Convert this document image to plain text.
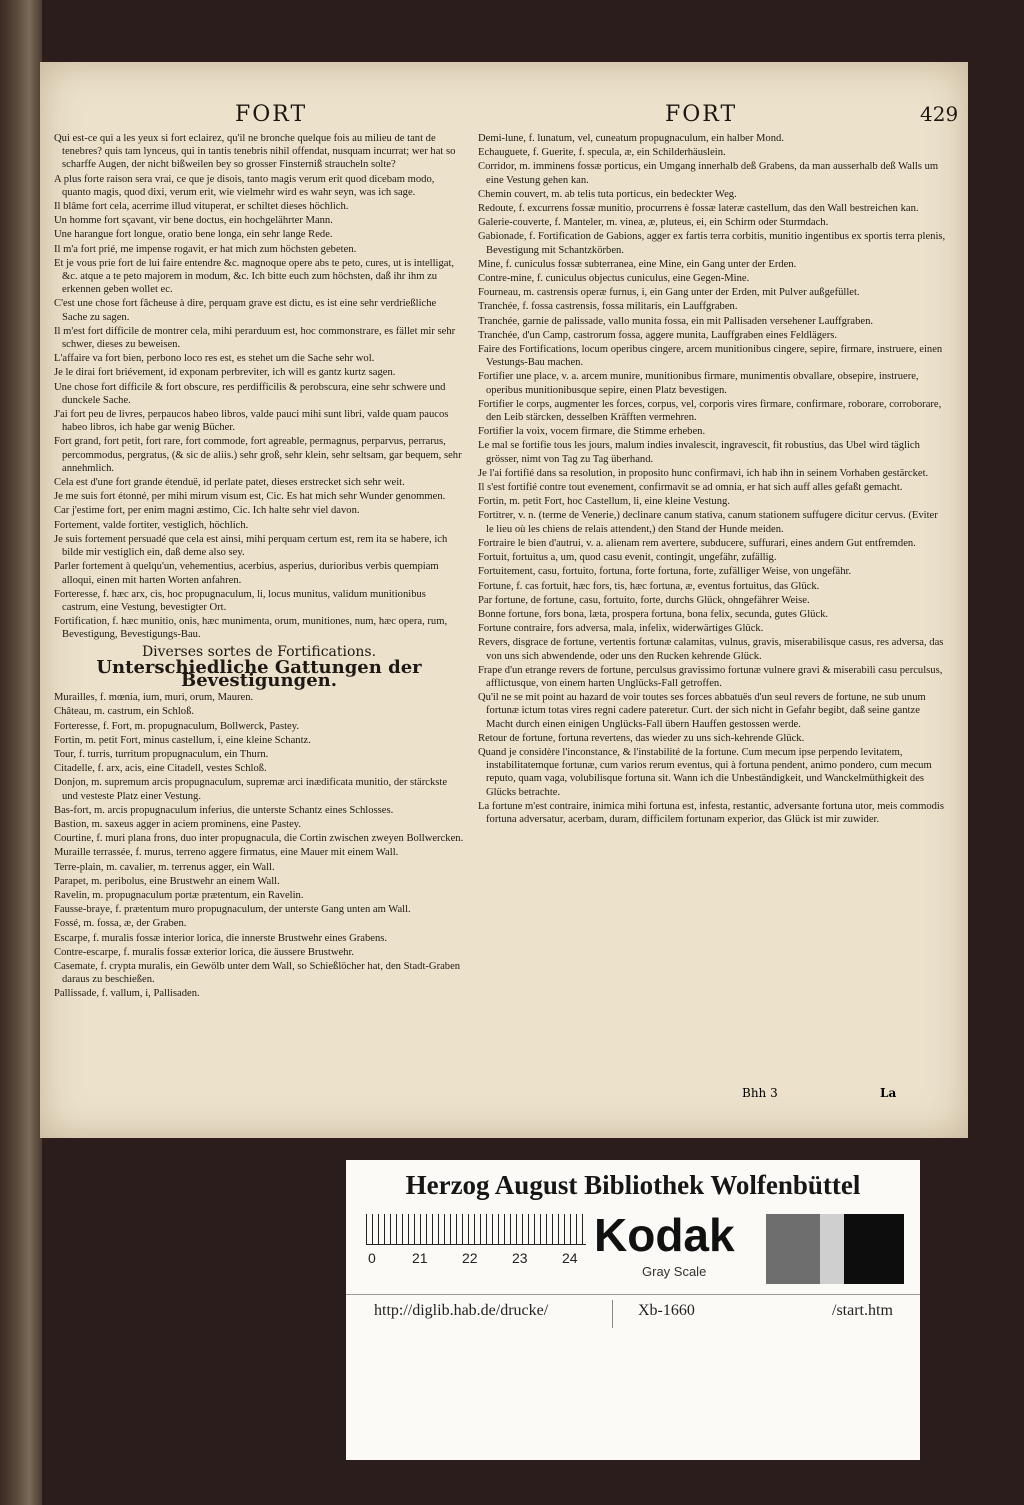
FORT	FORT	429
Qui est-ce qui a les yeux si fort eclairez, qu'il ne bronche quelque fois au milieu de tant de tenebres? quis tam lynceus, qui in tantis tenebris nihil offendat, nusquam incurrat; wer hat so scharffe Augen, der nicht bißweilen bey so grosser Finsterniß straucheln solte?
A plus forte raison sera vrai, ce que je disois, tanto magis verum erit quod dicebam modo, quanto magis, quod dixi, verum erit, wie vielmehr wird es wahr seyn, was ich sage.
Il blâme fort cela, acerrime illud vituperat, er schiltet dieses höchlich.
Un homme fort sçavant, vir bene doctus, ein hochgelährter Mann.
Une harangue fort longue, oratio bene longa, ein sehr lange Rede.
Il m'a fort prié, me impense rogavit, er hat mich zum höchsten gebeten.
Et je vous prie fort de lui faire entendre &c. magnoque opere abs te peto, cures, ut is intelligat, &c. atque a te peto majorem in modum, &c. Ich bitte euch zum höchsten, daß ihr ihm zu erkennen geben wollet ec.
C'est une chose fort fâcheuse à dire, perquam grave est dictu, es ist eine sehr verdrießliche Sache zu sagen.
Il m'est fort difficile de montrer cela, mihi perarduum est, hoc commonstrare, es fället mir sehr schwer, dieses zu beweisen.
L'affaire va fort bien, perbono loco res est, es stehet um die Sache sehr wol.
Je le dirai fort briévement, id exponam perbreviter, ich will es gantz kurtz sagen.
Une chose fort difficile & fort obscure, res perdifficilis & perobscura, eine sehr schwere und dunckele Sache.
J'ai fort peu de livres, perpaucos habeo libros, valde pauci mihi sunt libri, valde quam paucos habeo libros, ich habe gar wenig Bücher.
Fort grand, fort petit, fort rare, fort commode, fort agreable, permagnus, perparvus, perrarus, percommodus, pergratus, (& sic de aliis.) sehr groß, sehr klein, sehr seltsam, gar bequem, sehr annehmlich.
Cela est d'une fort grande étenduë, id perlate patet, dieses erstrecket sich sehr weit.
Je me suis fort étonné, per mihi mirum visum est, Cic. Es hat mich sehr Wunder genommen.
Car j'estime fort, per enim magni æstimo, Cic. Ich halte sehr viel davon.
Fortement, valde fortiter, vestiglich, höchlich.
Je suis fortement persuadé que cela est ainsi, mihi perquam certum est, rem ita se habere, ich bilde mir vestiglich ein, daß deme also sey.
Parler fortement à quelqu'un, vehementius, acerbius, asperius, durioribus verbis quempiam alloqui, einen mit harten Worten anfahren.
Forteresse, f. hæc arx, cis, hoc propugnaculum, li, locus munitus, validum munitionibus castrum, eine Vestung, bevestigter Ort.
Fortification, f. hæc munitio, onis, hæc munimenta, orum, munitiones, num, hæc opera, rum, Bevestigung, Bevestigungs-Bau.
Diverses sortes de Fortifications.
Unterschiedliche Gattungen der Bevestigungen.
Murailles, f. mœnia, ium, muri, orum, Mauren.
Château, m. castrum, ein Schloß.
Forteresse, f. Fort, m. propugnaculum, Bollwerck, Pastey.
Fortin, m. petit Fort, minus castellum, i, eine kleine Schantz.
Tour, f. turris, turritum propugnaculum, ein Thurn.
Citadelle, f. arx, acis, eine Citadell, vestes Schloß.
Donjon, m. supremum arcis propugnaculum, supremæ arci inædificata munitio, der stärckste und vesteste Platz einer Vestung.
Bas-fort, m. arcis propugnaculum inferius, die unterste Schantz eines Schlosses.
Bastion, m. saxeus agger in aciem prominens, eine Pastey.
Courtine, f. muri plana frons, duo inter propugnacula, die Cortin zwischen zweyen Bollwercken.
Muraille terrassée, f. murus, terreno aggere firmatus, eine Mauer mit einem Wall.
Terre-plain, m. cavalier, m. terrenus agger, ein Wall.
Parapet, m. peribolus, eine Brustwehr an einem Wall.
Ravelin, m. propugnaculum portæ prætentum, ein Ravelin.
Fausse-braye, f. prætentum muro propugnaculum, der unterste Gang unten am Wall.
Fossé, m. fossa, æ, der Graben.
Escarpe, f. muralis fossæ interior lorica, die innerste Brustwehr eines Grabens.
Contre-escarpe, f. muralis fossæ exterior lorica, die äussere Brustwehr.
Casemate, f. crypta muralis, ein Gewölb unter dem Wall, so Schießlöcher hat, den Stadt-Graben daraus zu beschießen.
Pallissade, f. vallum, i, Pallisaden.
Demi-lune, f. lunatum, vel, cuneatum propugnaculum, ein halber Mond.
Echauguete, f. Guerite, f. specula, æ, ein Schilderhäuslein.
Corridor, m. imminens fossæ porticus, ein Umgang innerhalb deß Grabens, da man ausserhalb deß Walls um eine Vestung gehen kan.
Chemin couvert, m. ab telis tuta porticus, ein bedeckter Weg.
Redoute, f. excurrens fossæ munitio, procurrens è fossæ lateræ castellum, das den Wall bestreichen kan.
Galerie-couverte, f. Manteler, m. vinea, æ, pluteus, ei, ein Schirm oder Sturmdach.
Gabionade, f. Fortification de Gabions, agger ex fartis terra corbitis, munitio ingentibus ex sportis terra plenis, Bevestigung mit Schantzkörben.
Mine, f. cuniculus fossæ subterranea, eine Mine, ein Gang unter der Erden.
Contre-mine, f. cuniculus objectus cuniculus, eine Gegen-Mine.
Fourneau, m. castrensis operæ furnus, i, ein Gang unter der Erden, mit Pulver außgefüllet.
Tranchée, f. fossa castrensis, fossa militaris, ein Lauffgraben.
Tranchée, garnie de palissade, vallo munita fossa, ein mit Pallisaden versehener Lauffgraben.
Tranchée, d'un Camp, castrorum fossa, aggere munita, Lauffgraben eines Feldlägers.
Faire des Fortifications, locum operibus cingere, arcem munitionibus cingere, sepire, firmare, instruere, einen Vestungs-Bau machen.
Fortifier une place, v. a. arcem munire, munitionibus firmare, munimentis obvallare, obsepire, instruere, operibus munitionibusque sepire, einen Platz bevestigen.
Fortifier le corps, augmenter les forces, corpus, vel, corporis vires firmare, confirmare, roborare, corroborare, den Leib stärcken, desselben Kräfften vermehren.
Fortifier la voix, vocem firmare, die Stimme erheben.
Le mal se fortifie tous les jours, malum indies invalescit, ingravescit, fit robustius, das Ubel wird täglich grösser, nimt von Tag zu Tag überhand.
Je l'ai fortifié dans sa resolution, in proposito hunc confirmavi, ich hab ihn in seinem Vorhaben gestärcket.
Il s'est fortifié contre tout evenement, confirmavit se ad omnia, er hat sich auff alles gefaßt gemacht.
Fortin, m. petit Fort, hoc Castellum, li, eine kleine Vestung.
Fortitrer, v. n. (terme de Venerie,) declinare canum stativa, canum stationem suffugere dicitur cervus. (Eviter le lieu où les chiens de relais attendent,) den Stand der Hunde meiden.
Fortraire le bien d'autrui, v. a. alienam rem avertere, subducere, suffurari, eines andern Gut entfremden.
Fortuit, fortuitus a, um, quod casu evenit, contingit, ungefähr, zufällig.
Fortuitement, casu, fortuito, fortuna, forte fortuna, forte, zufälliger Weise, von ungefähr.
Fortune, f. cas fortuit, hæc fors, tis, hæc fortuna, æ, eventus fortuitus, das Glück.
Par fortune, de fortune, casu, fortuito, forte, durchs Glück, ohngefährer Weise.
Bonne fortune, fors bona, læta, prospera fortuna, bona felix, secunda, gutes Glück.
Fortune contraire, fors adversa, mala, infelix, widerwärtiges Glück.
Revers, disgrace de fortune, vertentis fortunæ calamitas, vulnus, gravis, miserabilisque casus, res adversa, das von uns sich abwendende, oder uns den Rucken kehrende Glück.
Frape d'un etrange revers de fortune, perculsus gravissimo fortunæ vulnere gravi & miserabili casu perculsus, afflictusque, von einem harten Unglücks-Fall getroffen.
Qu'il ne se mit point au hazard de voir toutes ses forces abbatuës d'un seul revers de fortune, ne sub unum fortunæ ictum totas vires regni cadere pateretur. Curt. der sich nicht in Gefahr begibt, daß seine gantze Macht durch einen einigen Unglücks-Fall übern Hauffen gestossen werde.
Retour de fortune, fortuna revertens, das wieder zu uns sich-kehrende Glück.
Quand je considère l'inconstance, & l'instabilité de la fortune. Cum mecum ipse perpendo levitatem, instabilitatemque fortunæ, cum varios rerum eventus, qui à fortuna pendent, animo pondero, cum mecum reputo, quam vaga, volubilisque fortuna sit. Wann ich die Unbeständigkeit, und Wanckelmüthigkeit des Glücks betrachte.
La fortune m'est contraire, inimica mihi fortuna est, infesta, restantic, adversante fortuna utor, meis commodis fortuna adversatur, acerbam, duram, difficilem fortunam experior, das Glück ist mir zuwider.
Bhh 3	La
Herzog August Bibliothek Wolfenbüttel
0	21 22 23 24 Kodak
Gray Scale
http://diglib.hab.de/drucke/	Xb-1660	/start.htm
